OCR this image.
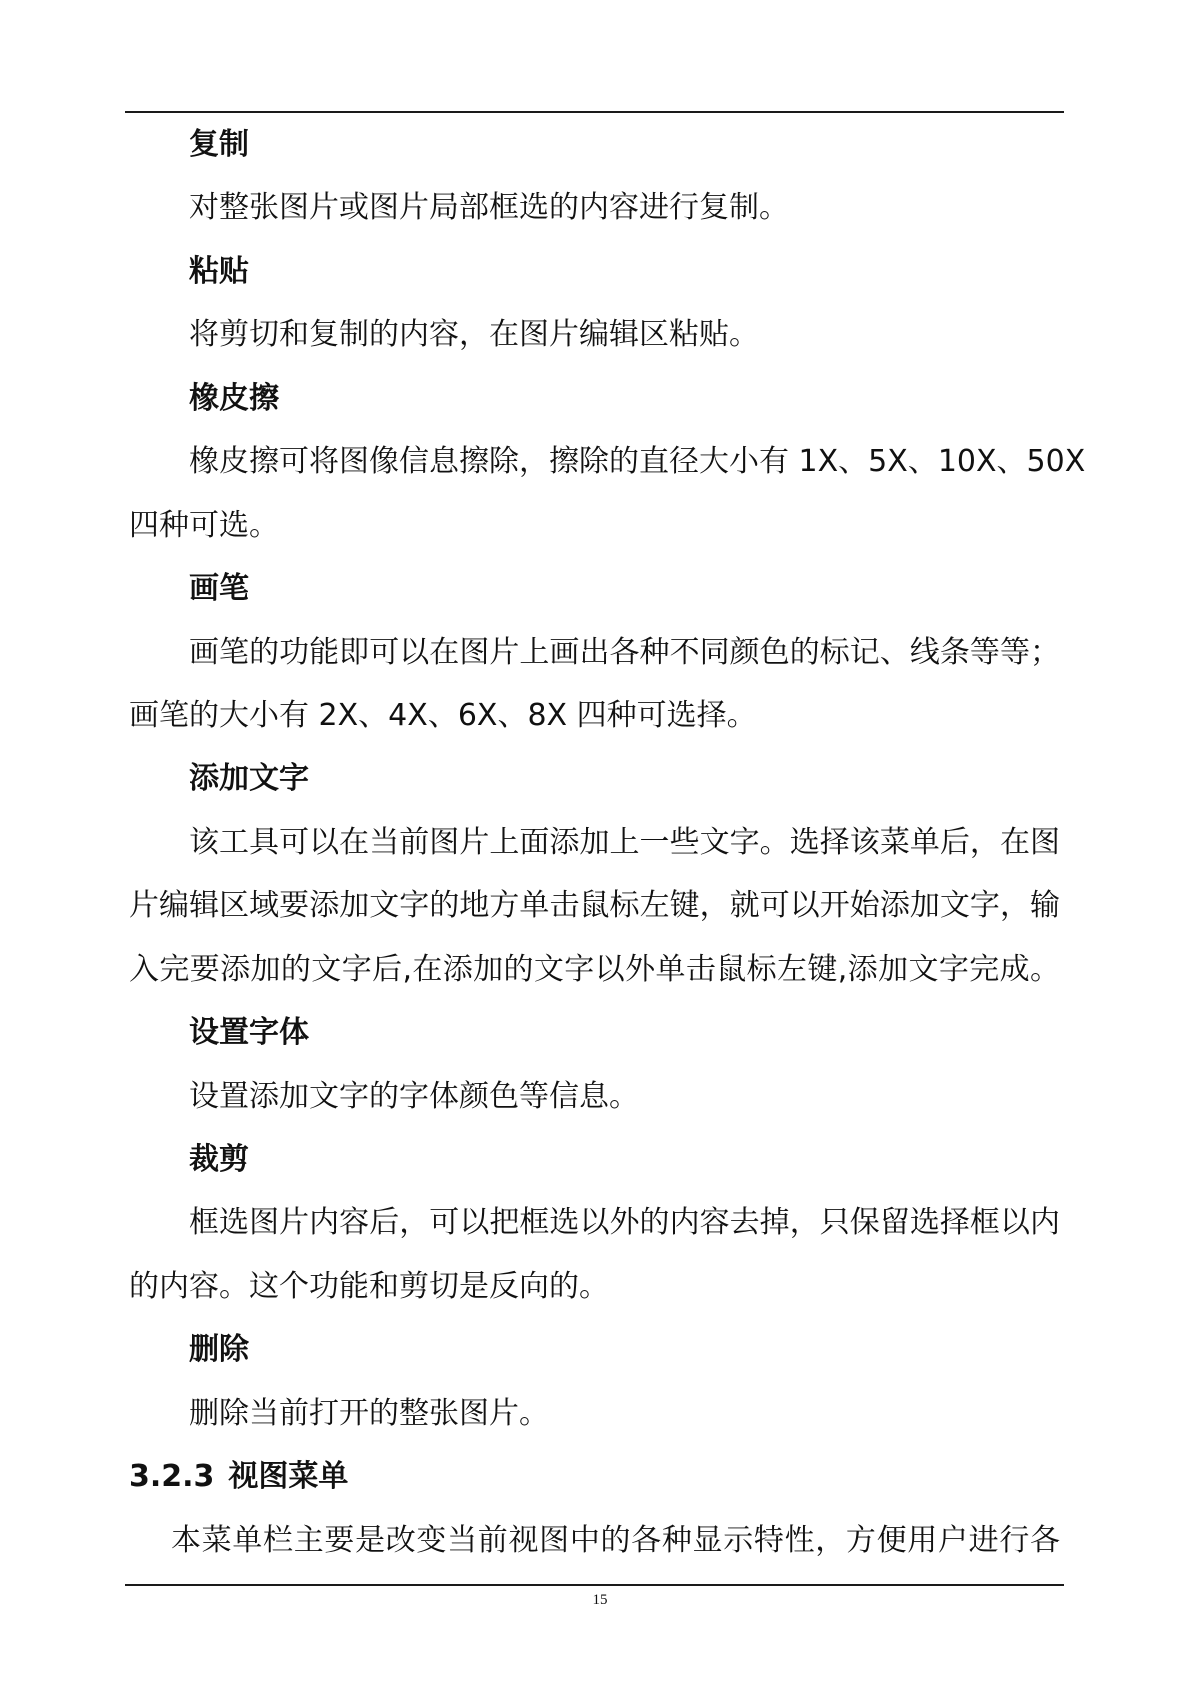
复制
对整张图片或图片局部框选的内容进行复制。
粘贴
将剪切和复制的内容，在图片编辑区粘贴。
橡皮擦
橡皮擦可将图像信息擦除，擦除的直径大小有 1X、5X、10X、50X
四种可选。
画笔
画笔的功能即可以在图片上画出各种不同颜色的标记、线条等等；
画笔的大小有 2X、4X、6X、8X 四种可选择。
添加文字
该工具可以在当前图片上面添加上一些文字。选择该菜单后，在图
片编辑区域要添加文字的地方单击鼠标左键，就可以开始添加文字，输
入完要添加的文字后,在添加的文字以外单击鼠标左键,添加文字完成。
设置字体
设置添加文字的字体颜色等信息。
裁剪
框选图片内容后，可以把框选以外的内容去掉，只保留选择框以内
的内容。这个功能和剪切是反向的。
删除
删除当前打开的整张图片。
3.2.3 视图菜单
本菜单栏主要是改变当前视图中的各种显示特性，方便用户进行各
15
